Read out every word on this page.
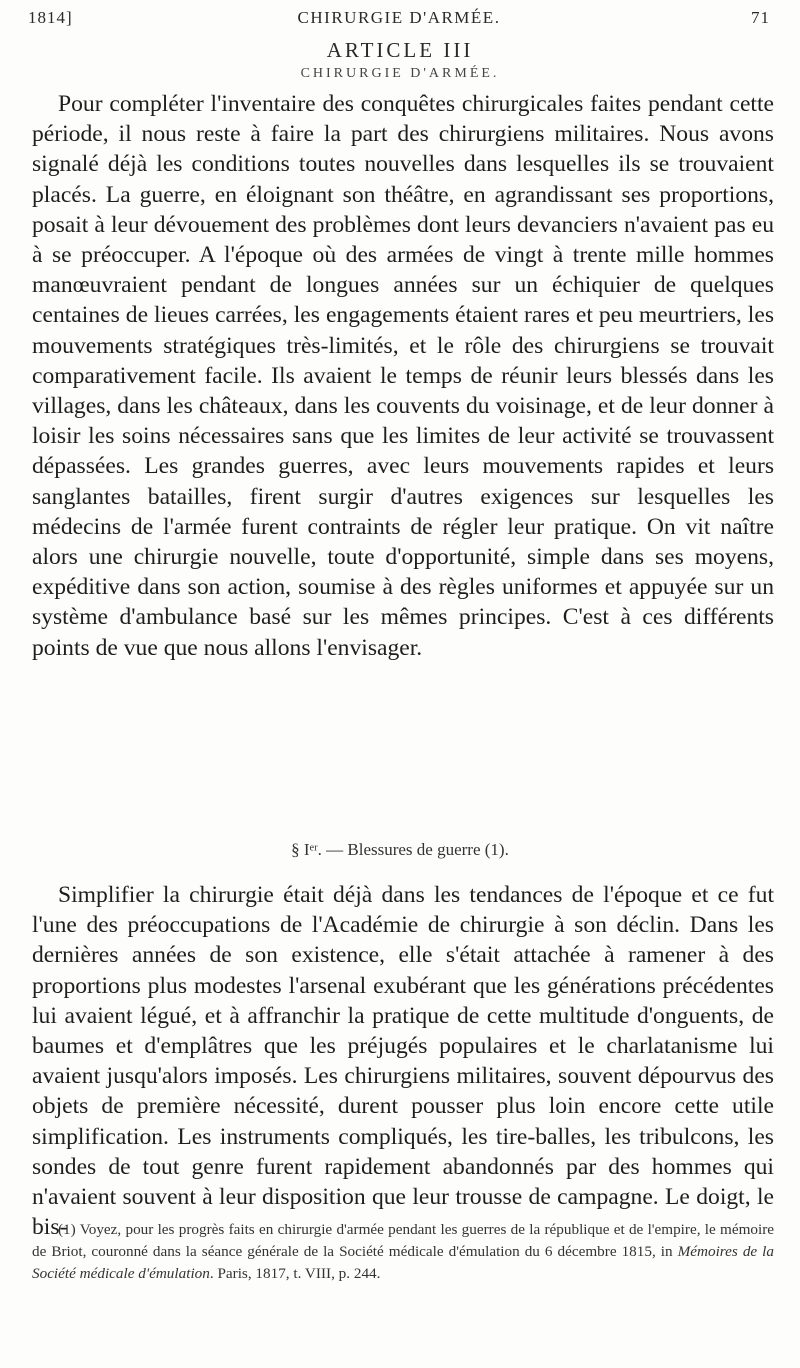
1814]	CHIRURGIE D'ARMÉE.	71
ARTICLE III
CHIRURGIE D'ARMÉE.

Pour compléter l'inventaire des conquêtes chirurgicales faites pendant cette période, il nous reste à faire la part des chirurgiens militaires. Nous avons signalé déjà les conditions toutes nouvelles dans lesquelles ils se trouvaient placés. La guerre, en éloignant son théâtre, en agrandissant ses proportions, posait à leur dévouement des problèmes dont leurs devanciers n'avaient pas eu à se préoccuper. A l'époque où des armées de vingt à trente mille hommes manœuvraient pendant de longues années sur un échiquier de quelques centaines de lieues carrées, les engagements étaient rares et peu meurtriers, les mouvements stratégiques très-limités, et le rôle des chirurgiens se trouvait comparativement facile. Ils avaient le temps de réunir leurs blessés dans les villages, dans les châteaux, dans les couvents du voisinage, et de leur donner à loisir les soins nécessaires sans que les limites de leur activité se trouvassent dépassées. Les grandes guerres, avec leurs mouvements rapides et leurs sanglantes batailles, firent surgir d'autres exigences sur lesquelles les médecins de l'armée furent contraints de régler leur pratique. On vit naître alors une chirurgie nouvelle, toute d'opportunité, simple dans ses moyens, expéditive dans son action, soumise à des règles uniformes et appuyée sur un système d'ambulance basé sur les mêmes principes. C'est à ces différents points de vue que nous allons l'envisager.

§ Iᵉʳ. — Blessures de guerre (1).

Simplifier la chirurgie était déjà dans les tendances de l'époque et ce fut l'une des préoccupations de l'Académie de chirurgie à son déclin. Dans les dernières années de son existence, elle s'était attachée à ramener à des proportions plus modestes l'arsenal exubérant que les générations précédentes lui avaient légué, et à affranchir la pratique de cette multitude d'onguents, de baumes et d'emplâtres que les préjugés populaires et le charlatanisme lui avaient jusqu'alors imposés. Les chirurgiens militaires, souvent dépourvus des objets de première nécessité, durent pousser plus loin encore cette utile simplification. Les instruments compliqués, les tire-balles, les tribulcons, les sondes de tout genre furent rapidement abandonnés par des hommes qui n'avaient souvent à leur disposition que leur trousse de campagne. Le doigt, le bis-

(1) Voyez, pour les progrès faits en chirurgie d'armée pendant les guerres de la république et de l'empire, le mémoire de Briot, couronné dans la séance générale de la Société médicale d'émulation du 6 décembre 1815, in Mémoires de la Société médicale d'émulation. Paris, 1817, t. VIII, p. 244.
